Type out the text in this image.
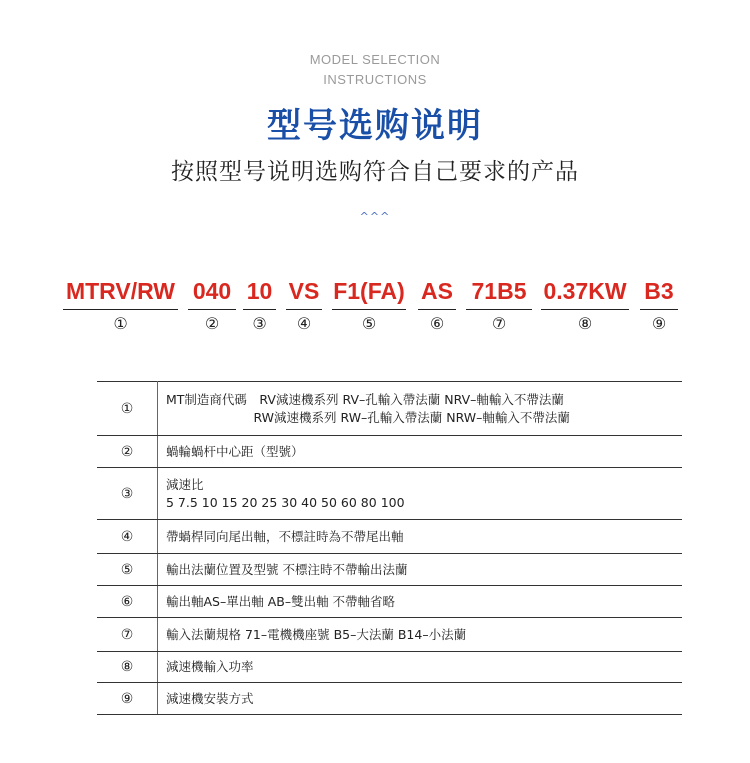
MODEL SELECTION
INSTRUCTIONS
型号选购说明
按照型号说明选购符合自己要求的产品
^^^
MTRV/RW
①
040
②
10
③
VS
④
F1(FA)
⑤
AS
⑥
71B5
⑦
0.37KW
⑧
B3
⑨
①	MT制造商代碼　RV減速機系列 RV–孔輸入帶法蘭 NRV–軸輸入不帶法蘭
　　　　　　　RW減速機系列 RW–孔輸入帶法蘭 NRW–軸輸入不帶法蘭

②	蝸輪蝸杆中心距（型號）

③	減速比
5 7.5 10 15 20 25 30 40 50 60 80 100

④	帶蝸桿同向尾出軸，不標註時為不帶尾出軸

⑤	輸出法蘭位置及型號 不標注時不帶輸出法蘭

⑥	輸出軸AS–單出軸 AB–雙出軸 不帶軸省略

⑦	輸入法蘭規格 71–電機機座號 B5–大法蘭 B14–小法蘭

⑧	減速機輸入功率

⑨	減速機安裝方式
